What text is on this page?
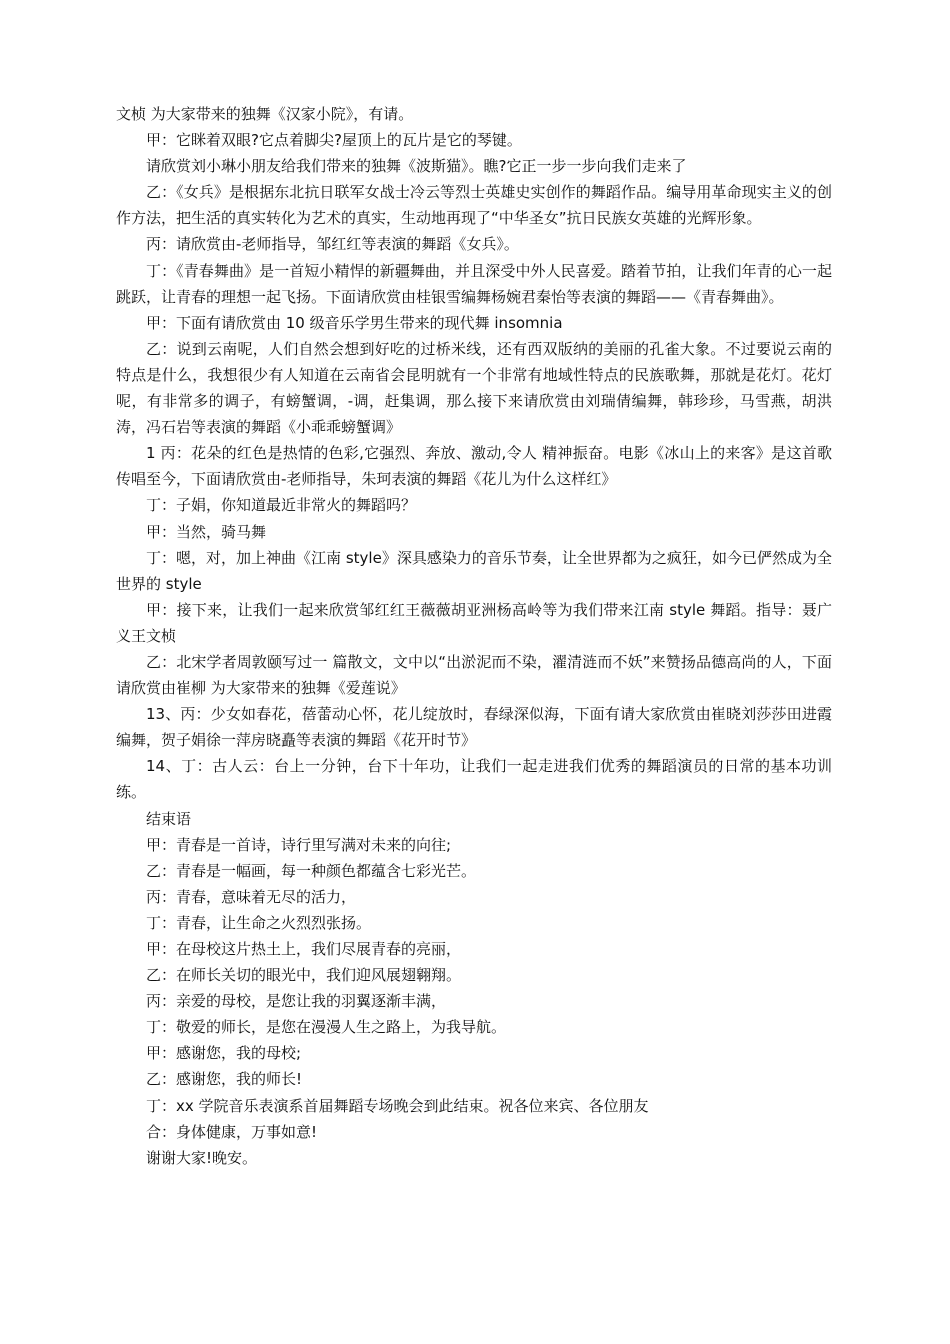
文桢 为大家带来的独舞《汉家小院》，有请。

甲：它眯着双眼?它点着脚尖?屋顶上的瓦片是它的琴键。

请欣赏刘小琳小朋友给我们带来的独舞《波斯猫》。瞧?它正一步一步向我们走来了

乙：《女兵》是根据东北抗日联军女战士冷云等烈士英雄史实创作的舞蹈作品。编导用革命现实主义的创作方法，把生活的真实转化为艺术的真实，生动地再现了“中华圣女”抗日民族女英雄的光辉形象。

丙：请欣赏由-老师指导，邹红红等表演的舞蹈《女兵》。

丁：《青春舞曲》是一首短小精悍的新疆舞曲，并且深受中外人民喜爱。踏着节拍，让我们年青的心一起跳跃，让青春的理想一起飞扬。下面请欣赏由桂银雪编舞杨婉君秦怡等表演的舞蹈——《青春舞曲》。

甲：下面有请欣赏由 10 级音乐学男生带来的现代舞 insomnia

乙：说到云南呢，人们自然会想到好吃的过桥米线，还有西双版纳的美丽的孔雀大象。不过要说云南的特点是什么，我想很少有人知道在云南省会昆明就有一个非常有地域性特点的民族歌舞，那就是花灯。花灯呢，有非常多的调子，有螃蟹调，-调，赶集调，那么接下来请欣赏由刘瑞倩编舞，韩珍珍，马雪燕，胡洪涛，冯石岩等表演的舞蹈《小乖乖螃蟹调》

1 丙：花朵的红色是热情的色彩,它强烈、奔放、激动,令人 精神振奋。电影《冰山上的来客》是这首歌传唱至今，下面请欣赏由-老师指导，朱珂表演的舞蹈《花儿为什么这样红》

丁：子娟，你知道最近非常火的舞蹈吗？

甲：当然，骑马舞

丁：嗯，对，加上神曲《江南 style》深具感染力的音乐节奏，让全世界都为之疯狂，如今已俨然成为全世界的 style

甲：接下来，让我们一起来欣赏邹红红王薇薇胡亚洲杨高岭等为我们带来江南 style 舞蹈。指导：聂广义王文桢

乙：北宋学者周敦颐写过一 篇散文，文中以“出淤泥而不染，濯清涟而不妖”来赞扬品德高尚的人，下面请欣赏由崔柳 为大家带来的独舞《爱莲说》

13、丙：少女如春花，蓓蕾动心怀，花儿绽放时，春绿深似海，下面有请大家欣赏由崔晓刘莎莎田进霞编舞，贺子娟徐一萍房晓矗等表演的舞蹈《花开时节》

14、丁：古人云：台上一分钟，台下十年功，让我们一起走进我们优秀的舞蹈演员的日常的基本功训练。

结束语

甲：青春是一首诗，诗行里写满对未来的向往;

乙：青春是一幅画，每一种颜色都蕴含七彩光芒。

丙：青春，意味着无尽的活力，

丁：青春，让生命之火烈烈张扬。

甲：在母校这片热土上，我们尽展青春的亮丽，

乙：在师长关切的眼光中，我们迎风展翅翱翔。

丙：亲爱的母校，是您让我的羽翼逐渐丰满，

丁：敬爱的师长，是您在漫漫人生之路上，为我导航。

甲：感谢您，我的母校;

乙：感谢您，我的师长!

丁：xx 学院音乐表演系首届舞蹈专场晚会到此结束。祝各位来宾、各位朋友

合：身体健康，万事如意!

谢谢大家!晚安。
